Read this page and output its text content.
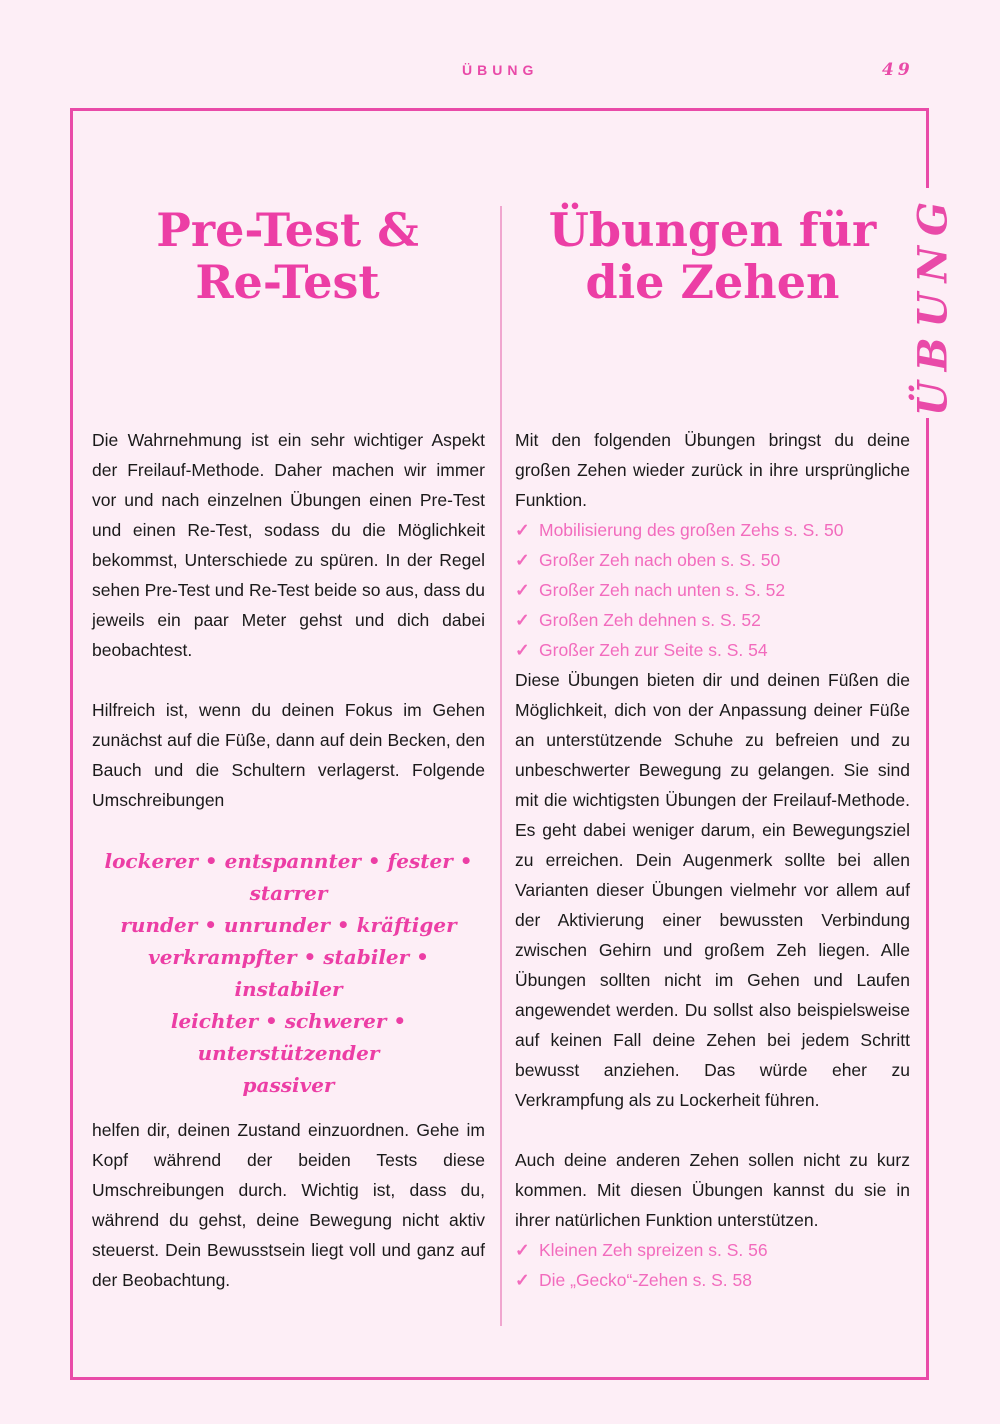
ÜBUNG	49
ÜBUNG
Pre-Test &
Re-Test
Übungen für
die Zehen

Die Wahrnehmung ist ein sehr wichtiger Aspekt der Freilauf-Methode. Daher machen wir immer vor und nach einzelnen Übungen einen Pre-Test und einen Re-Test, sodass du die Möglichkeit bekommst, Unterschiede zu spüren. In der Regel sehen Pre-Test und Re-Test beide so aus, dass du jeweils ein paar Meter gehst und dich dabei beobachtest.

Hilfreich ist, wenn du deinen Fokus im Gehen zunächst auf die Füße, dann auf dein Becken, den Bauch und die Schultern verlagerst. Folgende Umschreibungen

lockerer • entspannter • fester • starrer
runder • unrunder • kräftiger
verkrampfter • stabiler • instabiler
leichter • schwerer • unterstützender
passiver

helfen dir, deinen Zustand einzuordnen. Gehe im Kopf während der beiden Tests diese Umschreibungen durch. Wichtig ist, dass du, während du gehst, deine Bewegung nicht aktiv steuerst. Dein Bewusstsein liegt voll und ganz auf der Beobachtung.

Mit den folgenden Übungen bringst du deine großen Zehen wieder zurück in ihre ursprüngliche Funktion.

✓ Mobilisierung des großen Zehs s. S. 50
✓ Großer Zeh nach oben s. S. 50
✓ Großer Zeh nach unten s. S. 52
✓ Großen Zeh dehnen s. S. 52
✓ Großer Zeh zur Seite s. S. 54

Diese Übungen bieten dir und deinen Füßen die Möglichkeit, dich von der Anpassung deiner Füße an unterstützende Schuhe zu befreien und zu unbeschwerter Bewegung zu gelangen. Sie sind mit die wichtigsten Übungen der Freilauf-Methode. Es geht dabei weniger darum, ein Bewegungsziel zu erreichen. Dein Augenmerk sollte bei allen Varianten dieser Übungen vielmehr vor allem auf der Aktivierung einer bewussten Verbindung zwischen Gehirn und großem Zeh liegen. Alle Übungen sollten nicht im Gehen und Laufen angewendet werden. Du sollst also beispielsweise auf keinen Fall deine Zehen bei jedem Schritt bewusst anziehen. Das würde eher zu Verkrampfung als zu Lockerheit führen.

Auch deine anderen Zehen sollen nicht zu kurz kommen. Mit diesen Übungen kannst du sie in ihrer natürlichen Funktion unterstützen.

✓ Kleinen Zeh spreizen s. S. 56
✓ Die „Gecko“-Zehen s. S. 58
